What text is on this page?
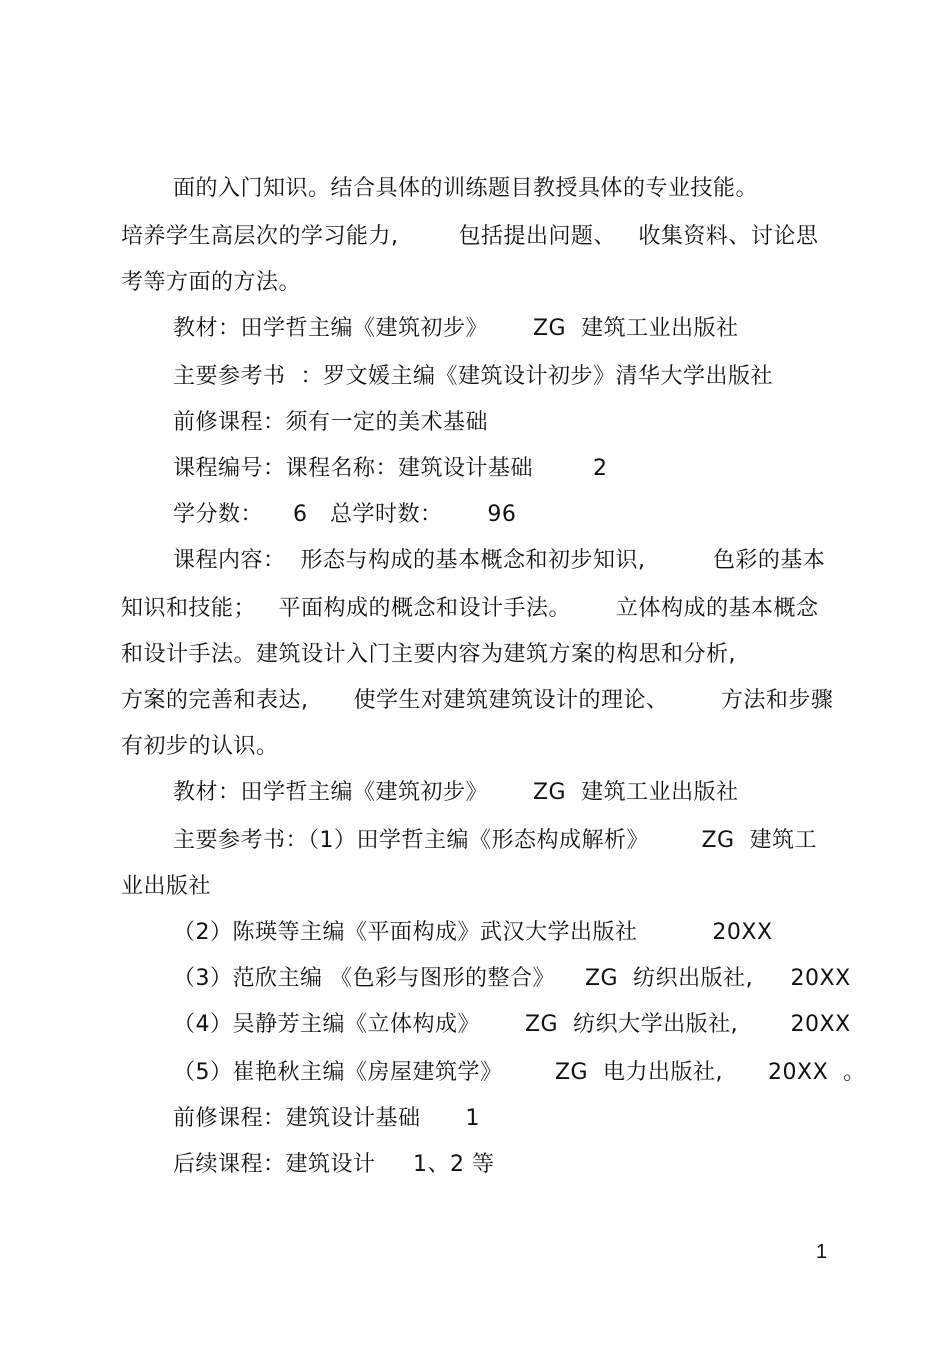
面的入门知识。结合具体的训练题目教授具体的专业技能。
培养学生高层次的学习能力,        包括提出问题、   收集资料、讨论思
考等方面的方法。
教材：田学哲主编《建筑初步》      ZG  建筑工业出版社
主要参考书  ：罗文媛主编《建筑设计初步》清华大学出版社
前修课程：须有一定的美术基础
课程编号：课程名称：建筑设计基础        2
学分数：    6   总学时数：      96
课程内容：  形态与构成的基本概念和初步知识,         色彩的基本
知识和技能；   平面构成的概念和设计手法。      立体构成的基本概念
和设计手法。建筑设计入门主要内容为建筑方案的构思和分析,
方案的完善和表达,      使学生对建筑建筑设计的理论、       方法和步骤
有初步的认识。
教材：田学哲主编《建筑初步》      ZG  建筑工业出版社
主要参考书：（1）田学哲主编《形态构成解析》       ZG  建筑工
业出版社
（2）陈瑛等主编《平面构成》武汉大学出版社          20XX
（3）范欣主编 《色彩与图形的整合》    ZG  纺织出版社,     20XX
（4）吴静芳主编《立体构成》      ZG  纺织大学出版社,       20XX
（5）崔艳秋主编《房屋建筑学》       ZG  电力出版社,      20XX  。
前修课程：建筑设计基础      1
后续课程：建筑设计     1、2 等
1
